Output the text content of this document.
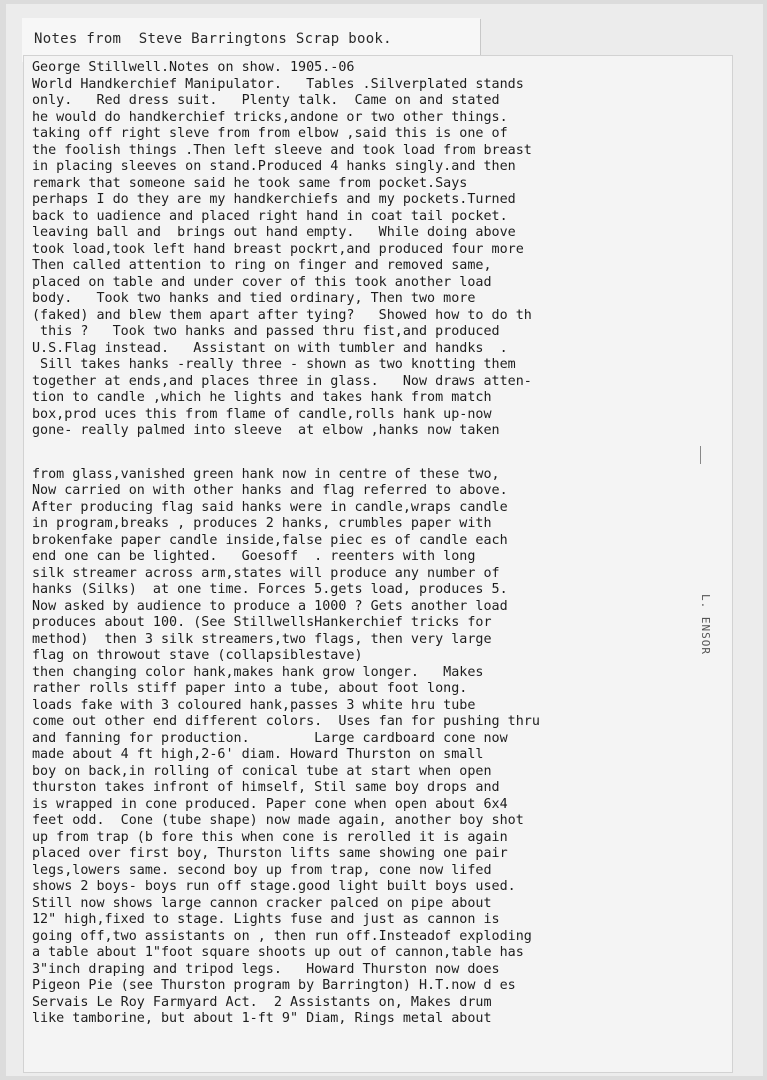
Notes from  Steve Barringtons Scrap book.
George Stillwell.Notes on show. 1905.-06
World Handkerchief Manipulator.   Tables .Silverplated stands
only.   Red dress suit.   Plenty talk.  Came on and stated
he would do handkerchief tricks,andone or two other things.
taking off right sleve from from elbow ,said this is one of
the foolish things .Then left sleeve and took load from breast
in placing sleeves on stand.Produced 4 hanks singly.and then
remark that someone said he took same from pocket.Says
perhaps I do they are my handkerchiefs and my pockets.Turned
back to uadience and placed right hand in coat tail pocket.
leaving ball and  brings out hand empty.   While doing above
took load,took left hand breast pockrt,and produced four more
Then called attention to ring on finger and removed same,
placed on table and under cover of this took another load
body.   Took two hanks and tied ordinary, Then two more
(faked) and blew them apart after tying?   Showed how to do th
this ?   Took two hanks and passed thru fist,and produced
U.S.Flag instead.   Assistant on with tumbler and handks  .
Sill takes hanks -really three - shown as two knotting them
together at ends,and places three in glass.   Now draws atten-
tion to candle ,which he lights and takes hank from match
box,prod uces this from flame of candle,rolls hank up-now
gone- really palmed into sleeve  at elbow ,hanks now taken
from glass,vanished green hank now in centre of these two,
Now carried on with other hanks and flag referred to above.
After producing flag said hanks were in candle,wraps candle
in program,breaks , produces 2 hanks, crumbles paper with
brokenfake paper candle inside,false piec es of candle each
end one can be lighted.   Goesoff  . reenters with long
silk streamer across arm,states will produce any number of
hanks (Silks)  at one time. Forces 5.gets load, produces 5.
Now asked by audience to produce a 1000 ? Gets another load
produces about 100. (See StillwellsHankerchief tricks for
method)  then 3 silk streamers,two flags, then very large
flag on throwout stave (collapsiblestave)
then changing color hank,makes hank grow longer.   Makes
rather rolls stiff paper into a tube, about foot long.
loads fake with 3 coloured hank,passes 3 white hru tube
come out other end different colors.  Uses fan for pushing thru
and fanning for production.        Large cardboard cone now
made about 4 ft high,2-6' diam. Howard Thurston on small
boy on back,in rolling of conical tube at start when open
thurston takes infront of himself, Stil same boy drops and
is wrapped in cone produced. Paper cone when open about 6x4
feet odd.  Cone (tube shape) now made again, another boy shot
up from trap (b fore this when cone is rerolled it is again
placed over first boy, Thurston lifts same showing one pair
legs,lowers same. second boy up from trap, cone now lifed
shows 2 boys- boys run off stage.good light built boys used.
Still now shows large cannon cracker palced on pipe about
12" high,fixed to stage. Lights fuse and just as cannon is
going off,two assistants on , then run off.Insteadof exploding
a table about 1"foot square shoots up out of cannon,table has
3"inch draping and tripod legs.   Howard Thurston now does
Pigeon Pie (see Thurston program by Barrington) H.T.now d es
Servais Le Roy Farmyard Act.  2 Assistants on, Makes drum
like tamborine, but about 1-ft 9" Diam, Rings metal about
L. ENSOR
